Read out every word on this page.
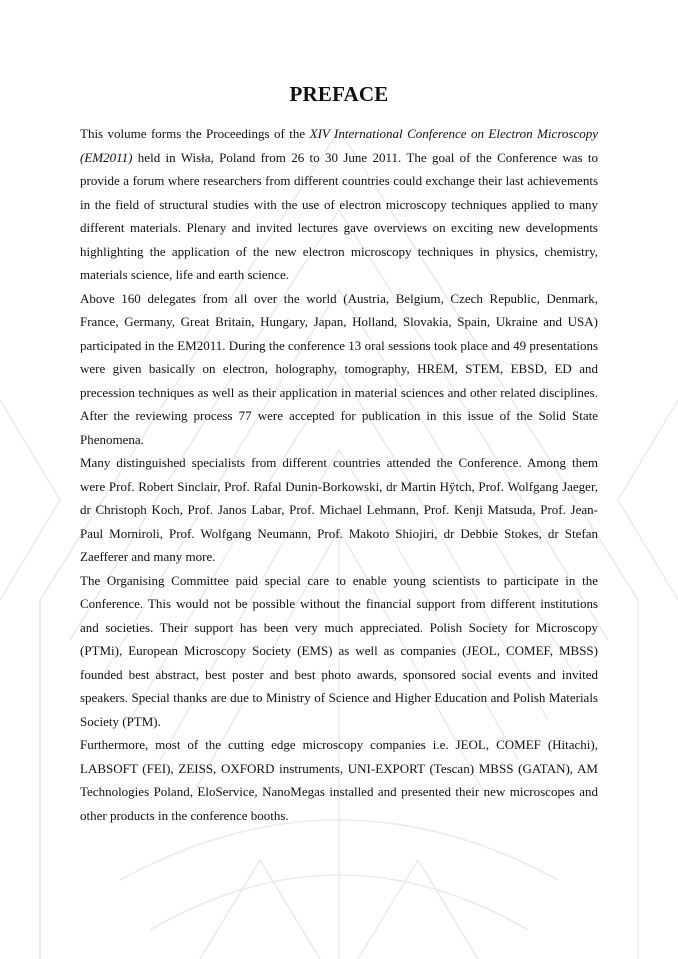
PREFACE

This volume forms the Proceedings of the XIV International Conference on Electron Microscopy (EM2011) held in Wisła, Poland from 26 to 30 June 2011. The goal of the Conference was to provide a forum where researchers from different countries could exchange their last achievements in the field of structural studies with the use of electron microscopy techniques applied to many different materials. Plenary and invited lectures gave overviews on exciting new developments highlighting the application of the new electron microscopy techniques in physics, chemistry, materials science, life and earth science.

Above 160 delegates from all over the world (Austria, Belgium, Czech Republic, Denmark, France, Germany, Great Britain, Hungary, Japan, Holland, Slovakia, Spain, Ukraine and USA) participated in the EM2011. During the conference 13 oral sessions took place and 49 presentations were given basically on electron, holography, tomography, HREM, STEM, EBSD, ED and precession techniques as well as their application in material sciences and other related disciplines. After the reviewing process 77 were accepted for publication in this issue of the Solid State Phenomena.

Many distinguished specialists from different countries attended the Conference. Among them were Prof. Robert Sinclair, Prof. Rafal Dunin-Borkowski, dr Martin Hÿtch, Prof. Wolfgang Jaeger, dr Christoph Koch, Prof. Janos Labar, Prof. Michael Lehmann, Prof. Kenji Matsuda, Prof. Jean-Paul Morniroli, Prof. Wolfgang Neumann, Prof. Makoto Shiojiri, dr Debbie Stokes, dr Stefan Zaefferer and many more.

The Organising Committee paid special care to enable young scientists to participate in the Conference. This would not be possible without the financial support from different institutions and societies. Their support has been very much appreciated. Polish Society for Microscopy (PTMi), European Microscopy Society (EMS) as well as companies (JEOL, COMEF, MBSS) founded best abstract, best poster and best photo awards, sponsored social events and invited speakers. Special thanks are due to Ministry of Science and Higher Education and Polish Materials Society (PTM).

Furthermore, most of the cutting edge microscopy companies i.e. JEOL, COMEF (Hitachi), LABSOFT (FEI), ZEISS, OXFORD instruments, UNI-EXPORT (Tescan) MBSS (GATAN), AM Technologies Poland, EloService, NanoMegas installed and presented their new microscopes and other products in the conference booths.
